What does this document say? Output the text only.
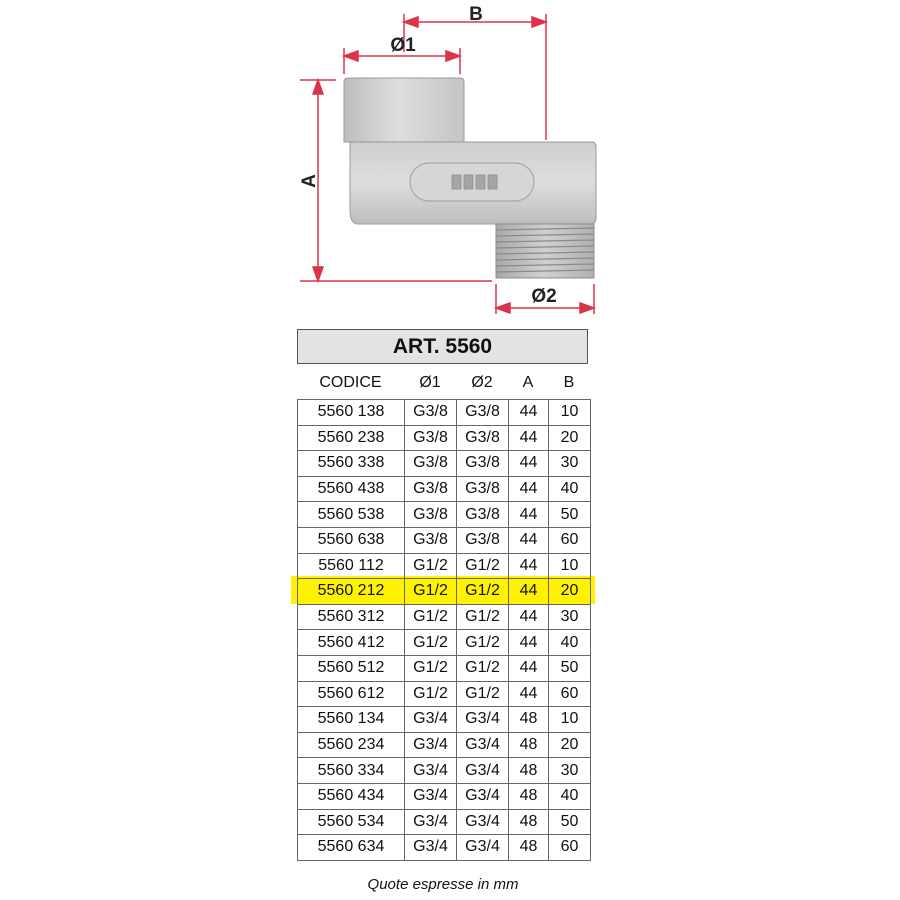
B
Ø1
A
Ø2
ART. 5560
CODICE	Ø1	Ø2	A	B
5560 138	G3/8	G3/8	44	10
5560 238	G3/8	G3/8	44	20
5560 338	G3/8	G3/8	44	30
5560 438	G3/8	G3/8	44	40
5560 538	G3/8	G3/8	44	50
5560 638	G3/8	G3/8	44	60
5560 112	G1/2	G1/2	44	10
5560 212	G1/2	G1/2	44	20
5560 312	G1/2	G1/2	44	30
5560 412	G1/2	G1/2	44	40
5560 512	G1/2	G1/2	44	50
5560 612	G1/2	G1/2	44	60
5560 134	G3/4	G3/4	48	10
5560 234	G3/4	G3/4	48	20
5560 334	G3/4	G3/4	48	30
5560 434	G3/4	G3/4	48	40
5560 534	G3/4	G3/4	48	50
5560 634	G3/4	G3/4	48	60
Quote espresse in mm
